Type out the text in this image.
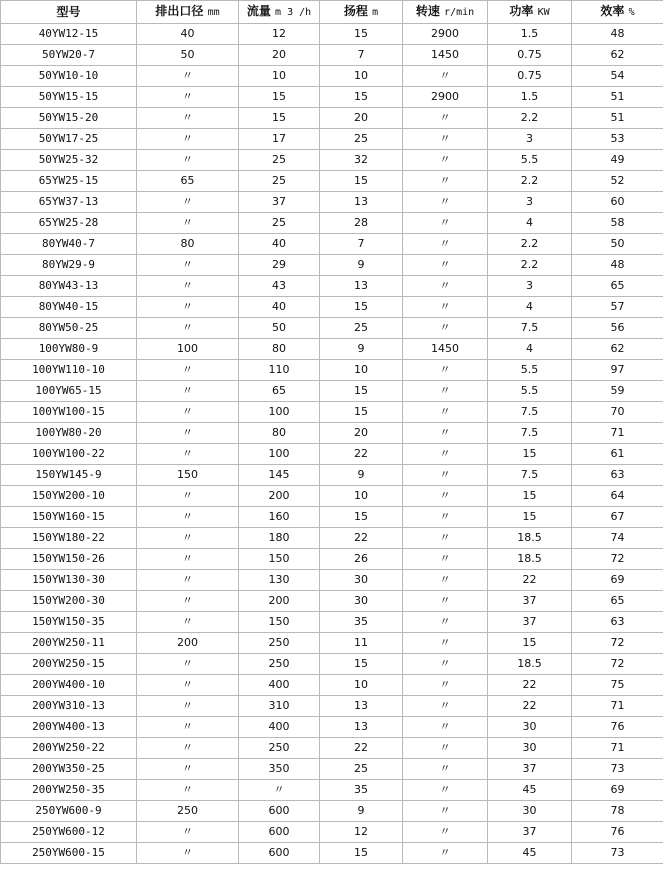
型号	排出口径 mm	流量 m 3 /h	扬程 m	转速 r/min	功率 KW	效率 %
40YW12-15	40	12	15	2900	1.5	48
50YW20-7	50	20	7	1450	0.75	62
50YW10-10	〃	10	10	〃	0.75	54
50YW15-15	〃	15	15	2900	1.5	51
50YW15-20	〃	15	20	〃	2.2	51
50YW17-25	〃	17	25	〃	3	53
50YW25-32	〃	25	32	〃	5.5	49
65YW25-15	65	25	15	〃	2.2	52
65YW37-13	〃	37	13	〃	3	60
65YW25-28	〃	25	28	〃	4	58
80YW40-7	80	40	7	〃	2.2	50
80YW29-9	〃	29	9	〃	2.2	48
80YW43-13	〃	43	13	〃	3	65
80YW40-15	〃	40	15	〃	4	57
80YW50-25	〃	50	25	〃	7.5	56
100YW80-9	100	80	9	1450	4	62
100YW110-10	〃	110	10	〃	5.5	97
100YW65-15	〃	65	15	〃	5.5	59
100YW100-15	〃	100	15	〃	7.5	70
100YW80-20	〃	80	20	〃	7.5	71
100YW100-22	〃	100	22	〃	15	61
150YW145-9	150	145	9	〃	7.5	63
150YW200-10	〃	200	10	〃	15	64
150YW160-15	〃	160	15	〃	15	67
150YW180-22	〃	180	22	〃	18.5	74
150YW150-26	〃	150	26	〃	18.5	72
150YW130-30	〃	130	30	〃	22	69
150YW200-30	〃	200	30	〃	37	65
150YW150-35	〃	150	35	〃	37	63
200YW250-11	200	250	11	〃	15	72
200YW250-15	〃	250	15	〃	18.5	72
200YW400-10	〃	400	10	〃	22	75
200YW310-13	〃	310	13	〃	22	71
200YW400-13	〃	400	13	〃	30	76
200YW250-22	〃	250	22	〃	30	71
200YW350-25	〃	350	25	〃	37	73
200YW250-35	〃	〃	35	〃	45	69
250YW600-9	250	600	9	〃	30	78
250YW600-12	〃	600	12	〃	37	76
250YW600-15	〃	600	15	〃	45	73
